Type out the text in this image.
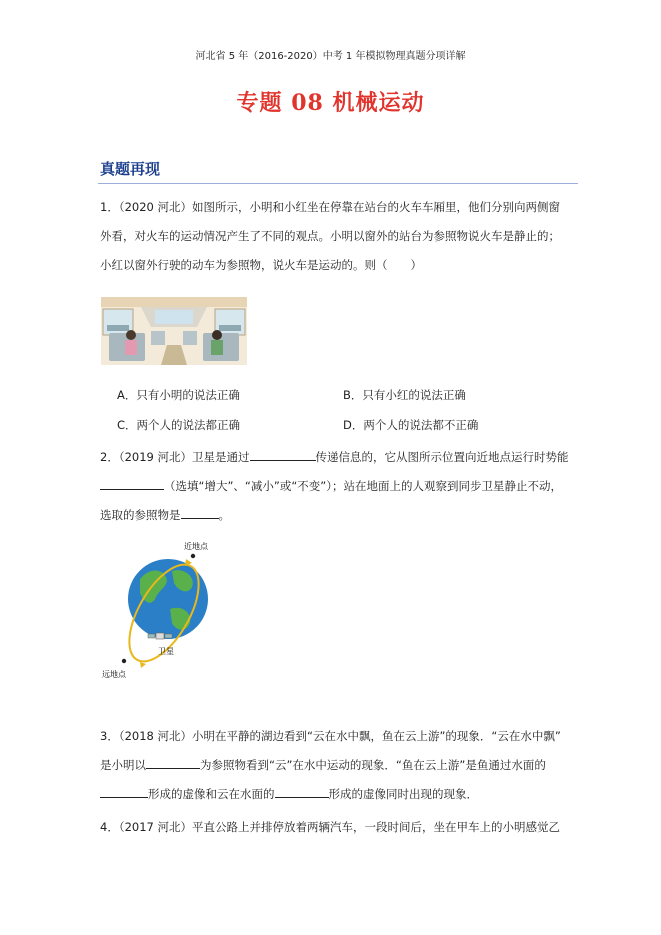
河北省 5 年（2016-2020）中考 1 年模拟物理真题分项详解
专题 08 机械运动
真题再现
1．（2020 河北）如图所示，小明和小红坐在停靠在站台的火车车厢里，他们分别向两侧窗
外看，对火车的运动情况产生了不同的观点。小明以窗外的站台为参照物说火车是静止的；
小红以窗外行驶的动车为参照物，说火车是运动的。则（　　）
A．只有小明的说法正确	B．只有小红的说法正确
C．两个人的说法都正确	D．两个人的说法都不正确
2．（2019 河北）卫星是通过	传递信息的，它从图所示位置向近地点运行时势能
（选填“增大”、“减小”或“不变”）；站在地面上的人观察到同步卫星静止不动，
选取的参照物是	。
近地点
远地点
卫星
3．（2018 河北）小明在平静的湖边看到“云在水中飘，鱼在云上游”的现象．“云在水中飘”
是小明以	为参照物看到“云”在水中运动的现象．“鱼在云上游”是鱼通过水面的
形成的虚像和云在水面的	形成的虚像同时出现的现象．
4．（2017 河北）平直公路上并排停放着两辆汽车，一段时间后，坐在甲车上的小明感觉乙
